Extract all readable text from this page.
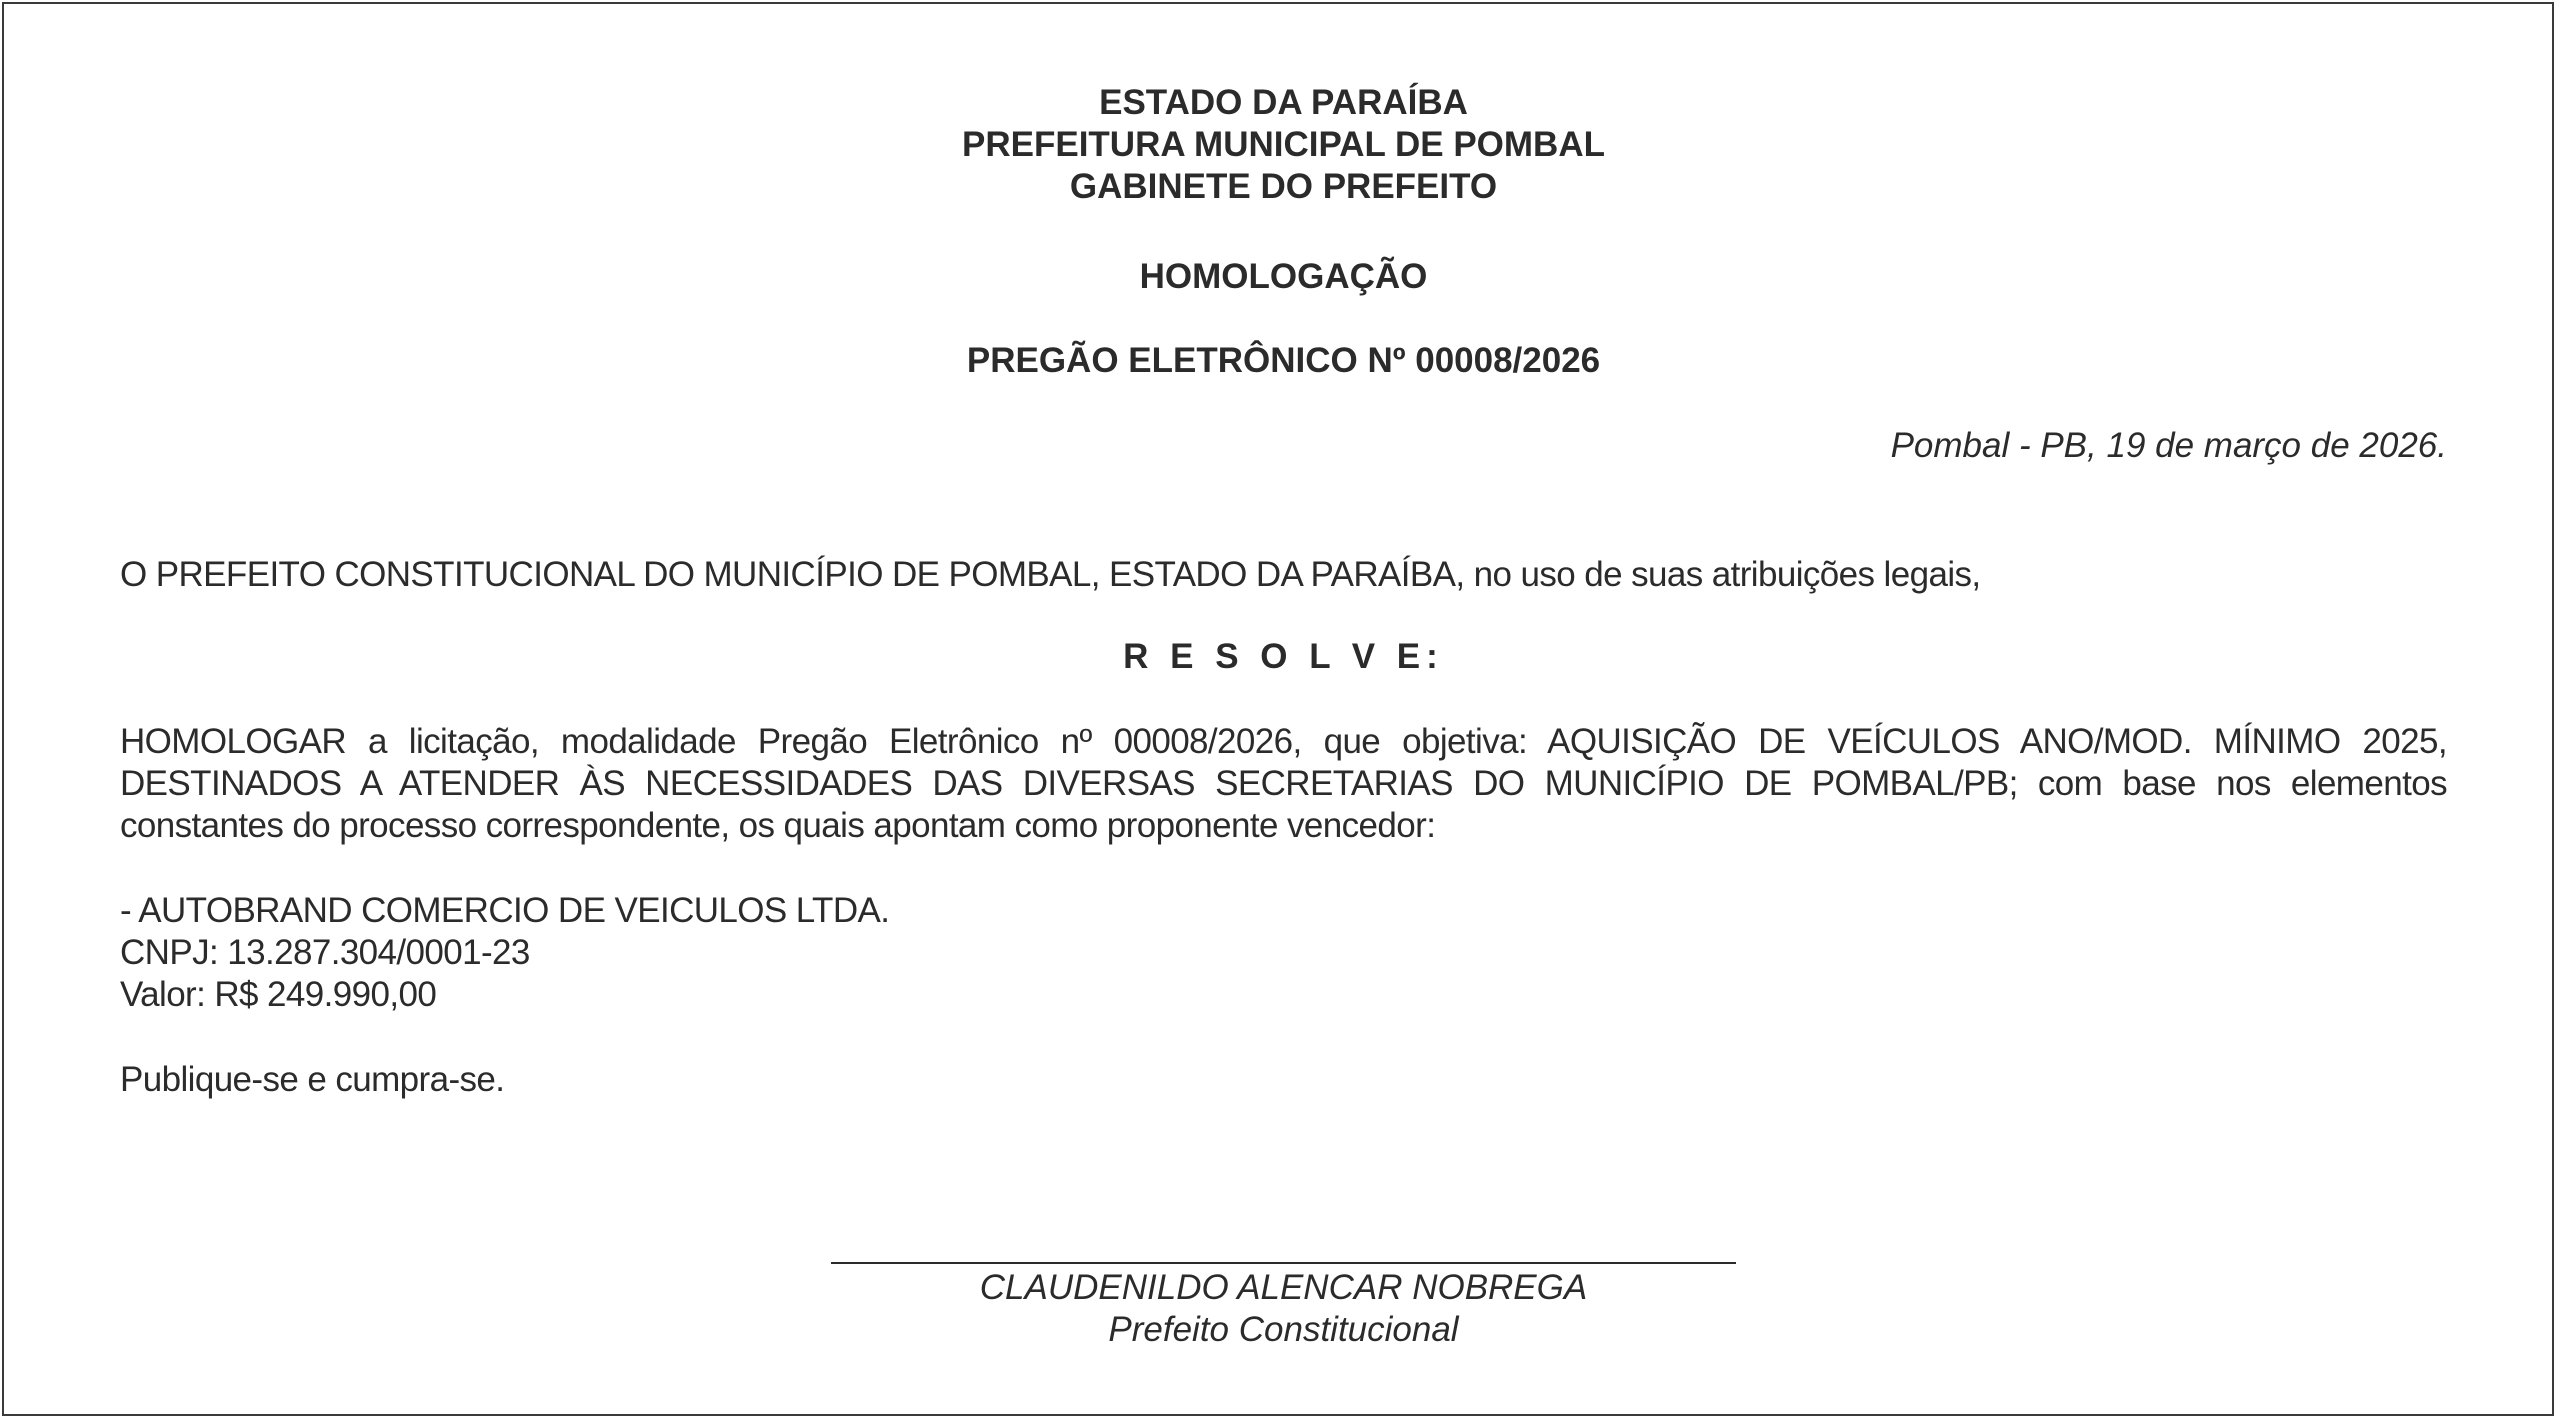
ESTADO DA PARAÍBA
PREFEITURA MUNICIPAL DE POMBAL
GABINETE DO PREFEITO
HOMOLOGAÇÃO
PREGÃO ELETRÔNICO Nº 00008/2026
Pombal - PB, 19 de março de 2026.
O PREFEITO CONSTITUCIONAL DO MUNICÍPIO DE POMBAL, ESTADO DA PARAÍBA, no uso de suas atribuições legais,
R E S O L V E:
HOMOLOGAR a licitação, modalidade Pregão Eletrônico nº 00008/2026, que objetiva: AQUISIÇÃO DE VEÍCULOS ANO/MOD. MÍNIMO 2025, DESTINADOS A ATENDER ÀS NECESSIDADES DAS DIVERSAS SECRETARIAS DO MUNICÍPIO DE POMBAL/PB; com base nos elementos constantes do processo correspondente, os quais apontam como proponente vencedor:
- AUTOBRAND COMERCIO DE VEICULOS LTDA.
CNPJ: 13.287.304/0001-23
Valor: R$ 249.990,00
Publique-se e cumpra-se.
CLAUDENILDO ALENCAR NOBREGA
Prefeito Constitucional
